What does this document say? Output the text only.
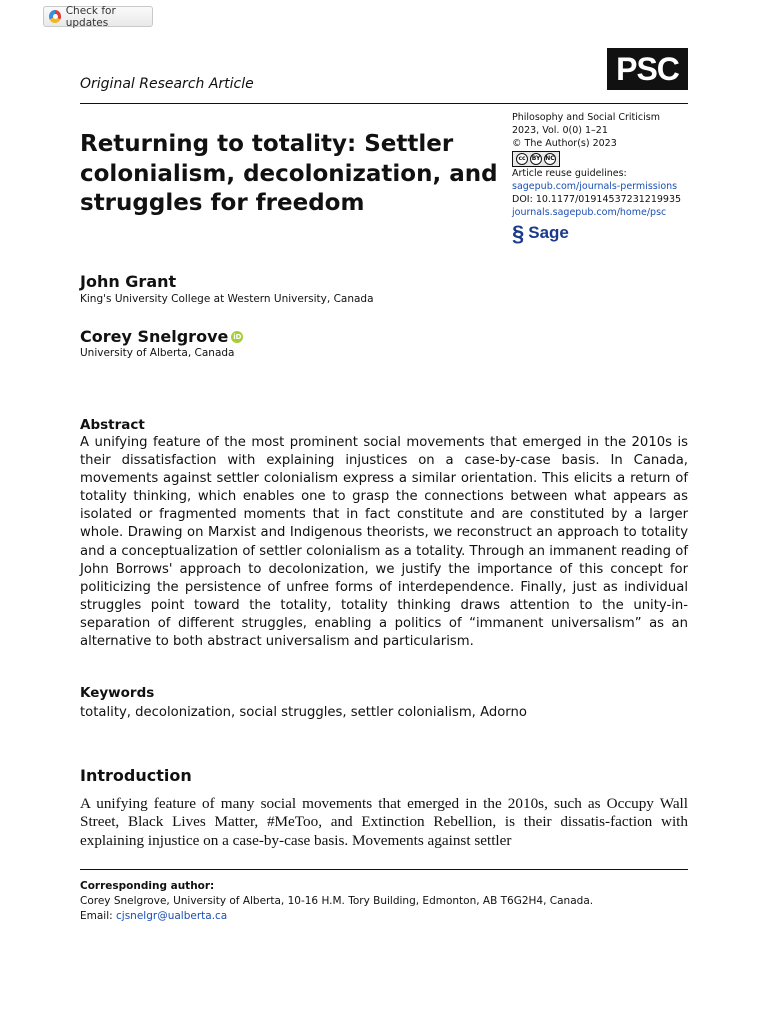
Check for updates
Original Research Article	PSC
Returning to totality: Settler colonialism, decolonization, and struggles for freedom
Philosophy and Social Criticism
2023, Vol. 0(0) 1–21
© The Author(s) 2023
cc	BY NC
Article reuse guidelines:
sagepub.com/journals-permissions
DOI: 10.1177/01914537231219935
journals.sagepub.com/home/psc
§ Sage
John Grant
King's University College at Western University, Canada
Corey Snelgrove iD
University of Alberta, Canada
Abstract

A unifying feature of the most prominent social movements that emerged in the 2010s is their dissatisfaction with explaining injustices on a case-by-case basis. In Canada, movements against settler colonialism express a similar orientation. This elicits a return of totality thinking, which enables one to grasp the connections between what appears as isolated or fragmented moments that in fact constitute and are constituted by a larger whole. Drawing on Marxist and Indigenous theorists, we reconstruct an approach to totality and a conceptualization of settler colonialism as a totality. Through an immanent reading of John Borrows' approach to decolonization, we justify the importance of this concept for politicizing the persistence of unfree forms of interdependence. Finally, just as individual struggles point toward the totality, totality thinking draws attention to the unity-in-separation of different struggles, enabling a politics of “immanent universalism” as an alternative to both abstract universalism and particularism.

Keywords
totality, decolonization, social struggles, settler colonialism, Adorno
Introduction

A unifying feature of many social movements that emerged in the 2010s, such as Occupy Wall Street, Black Lives Matter, #MeToo, and Extinction Rebellion, is their dissatis-faction with explaining injustice on a case-by-case basis. Movements against settler

Corresponding author:
Corey Snelgrove, University of Alberta, 10-16 H.M. Tory Building, Edmonton, AB T6G2H4, Canada.
Email: cjsnelgr@ualberta.ca
